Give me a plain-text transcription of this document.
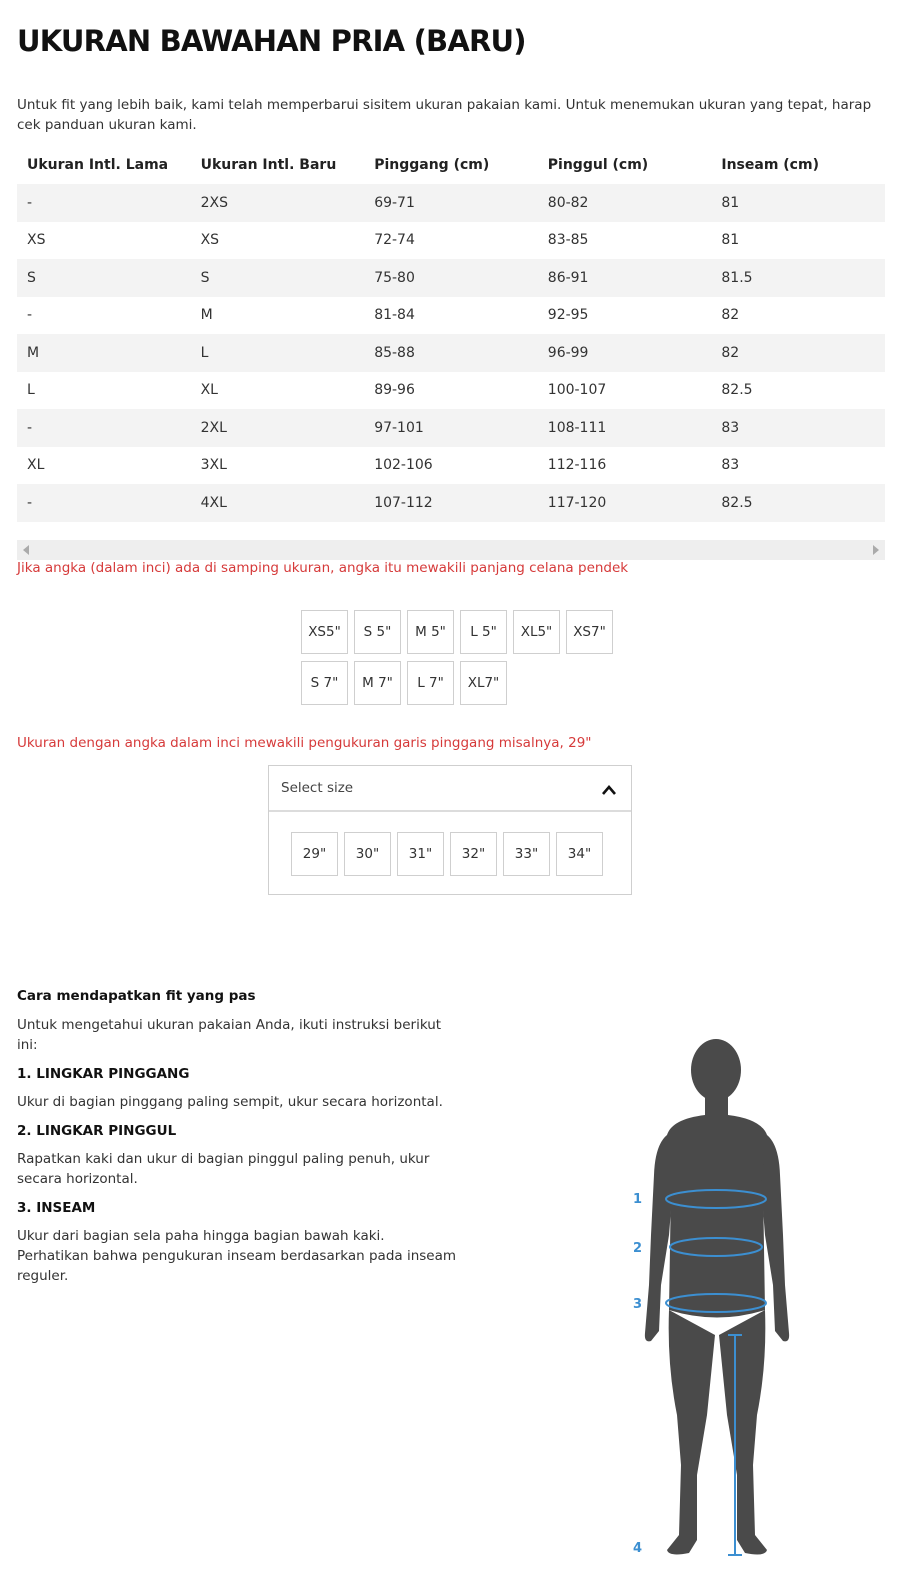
UKURAN BAWAHAN PRIA (BARU)

Untuk fit yang lebih baik, kami telah memperbarui sisitem ukuran pakaian kami. Untuk menemukan ukuran yang tepat, harap cek panduan ukuran kami.

Ukuran Intl. Lama	Ukuran Intl. Baru	Pinggang (cm)	Pinggul (cm)	Inseam (cm)
-	2XS	69-71	80-82	81
XS	XS	72-74	83-85	81
S	S	75-80	86-91	81.5
-	M	81-84	92-95	82
M	L	85-88	96-99	82
L	XL	89-96	100-107	82.5
-	2XL	97-101	108-111	83
XL	3XL	102-106	112-116	83
-	4XL	107-112	117-120	82.5

Jika angka (dalam inci) ada di samping ukuran, angka itu mewakili panjang celana pendek

XS5"	S 5"	M 5"	L 5"	XL5"	XS7"
S 7"	M 7"	L 7"	XL7"

Ukuran dengan angka dalam inci mewakili pengukuran garis pinggang misalnya, 29"

Select size
29"	30"	31"	32"	33"	34"
Cara mendapatkan fit yang pas

Untuk mengetahui ukuran pakaian Anda, ikuti instruksi berikut ini:

1. LINGKAR PINGGANG

Ukur di bagian pinggang paling sempit, ukur secara horizontal.

2. LINGKAR PINGGUL

Rapatkan kaki dan ukur di bagian pinggul paling penuh, ukur secara horizontal.

3. INSEAM

Ukur dari bagian sela paha hingga bagian bawah kaki. Perhatikan bahwa pengukuran inseam berdasarkan pada inseam reguler.

1
2
3
4
